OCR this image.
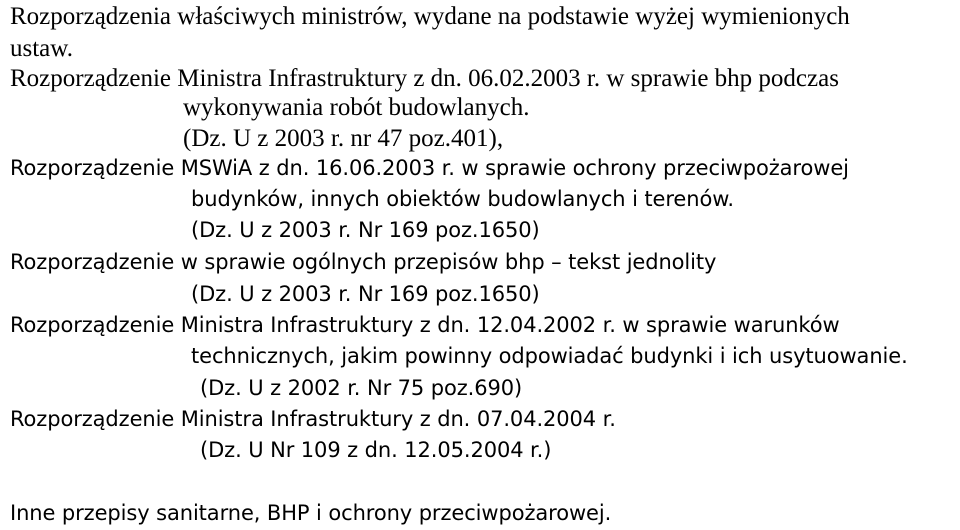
Rozporządzenia właściwych ministrów, wydane na podstawie wyżej wymienionych
ustaw.
Rozporządzenie Ministra Infrastruktury z dn. 06.02.2003 r. w sprawie bhp podczas
wykonywania robót budowlanych.
(Dz. U z 2003 r. nr 47 poz.401),
Rozporządzenie MSWiA z dn. 16.06.2003 r. w sprawie ochrony przeciwpożarowej
budynków, innych obiektów budowlanych i terenów.
(Dz. U z 2003 r. Nr 169 poz.1650)
Rozporządzenie w sprawie ogólnych przepisów bhp – tekst jednolity
(Dz. U z 2003 r. Nr 169 poz.1650)
Rozporządzenie Ministra Infrastruktury z dn. 12.04.2002 r. w sprawie warunków
technicznych, jakim powinny odpowiadać budynki i ich usytuowanie.
(Dz. U z 2002 r. Nr 75 poz.690)
Rozporządzenie Ministra Infrastruktury z dn. 07.04.2004 r.
(Dz. U Nr 109 z dn. 12.05.2004 r.)
Inne przepisy sanitarne, BHP i ochrony przeciwpożarowej.
